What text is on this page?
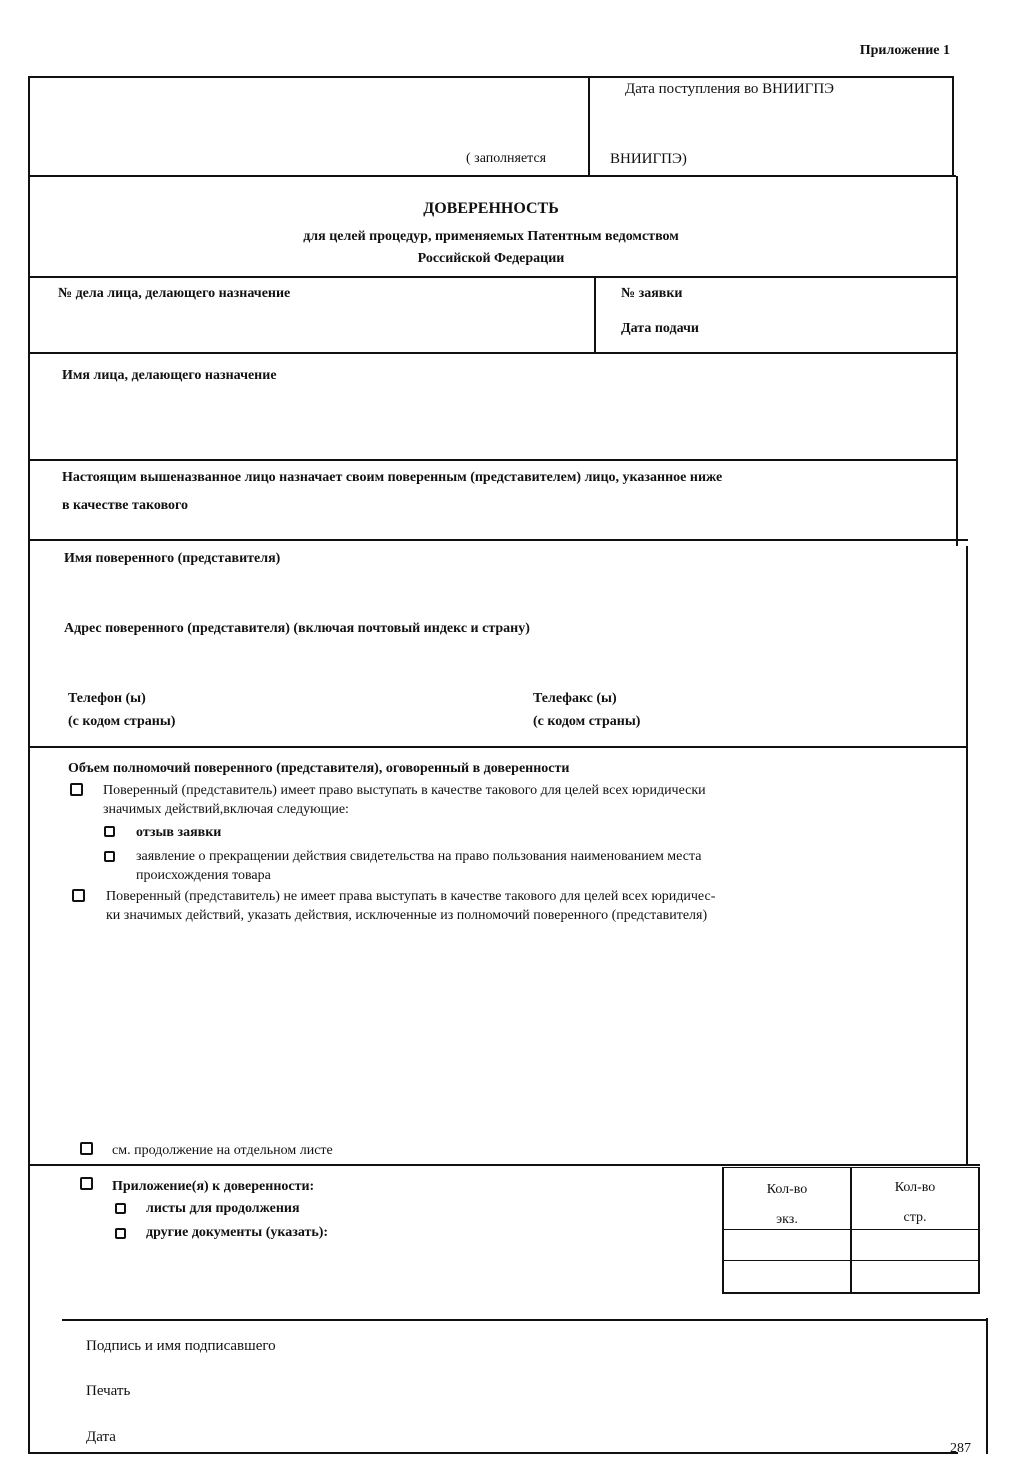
Приложение 1
( заполняется
Дата поступления во ВНИИГПЭ
ВНИИГПЭ)
ДОВЕРЕННОСТЬ
для целей процедур, применяемых Патентным ведомством
Российской Федерации
№ дела лица, делающего назначение	№ заявки
Дата подачи
Имя лица, делающего назначение
Настоящим вышеназванное лицо назначает своим поверенным (представителем) лицо, указанное ниже
в качестве такового
Имя поверенного (представителя)
Адрес поверенного (представителя) (включая почтовый индекс и страну)
Телефон (ы)
(с кодом страны)
Телефакс (ы)
(с кодом страны)
Объем полномочий поверенного (представителя), оговоренный в доверенности
Поверенный (представитель) имеет право выступать в качестве такового для целей всех юридически
значимых действий,включая следующие:
отзыв заявки
заявление о прекращении действия свидетельства на право пользования наименованием места
происхождения товара
Поверенный (представитель) не имеет права выступать в качестве такового для целей всех юридичес-
ки значимых действий, указать действия, исключенные из полномочий поверенного (представителя)
см. продолжение на отдельном листе
Приложение(я) к доверенности:
листы для продолжения
другие документы (указать):
Кол-во
экз.
Кол-во
стр.
Подпись и имя подписавшего
Печать
Дата
287
